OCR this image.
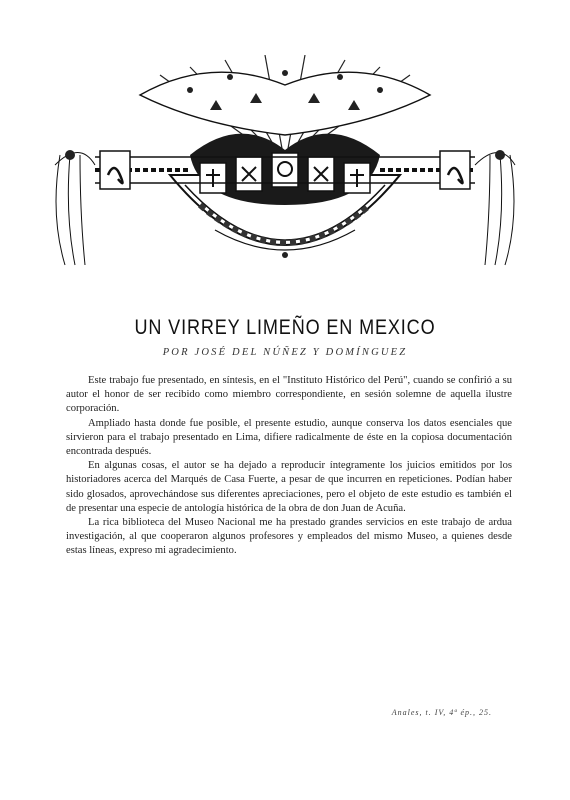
UN VIRREY LIMEÑO EN MEXICO
POR JOSÉ DEL NÚÑEZ Y DOMÍNGUEZ

Este trabajo fue presentado, en síntesis, en el "Instituto Histórico del Perú", cuando se confirió a su autor el honor de ser recibido como miembro correspondiente, en sesión solemne de aquella ilustre corporación.

Ampliado hasta donde fue posible, el presente estudio, aunque conserva los datos esenciales que sirvieron para el trabajo presentado en Lima, difiere radicalmente de éste en la copiosa documentación encontrada después.

En algunas cosas, el autor se ha dejado a reproducir íntegramente los juicios emitidos por los historiadores acerca del Marqués de Casa Fuerte, a pesar de que incurren en repeticiones. Podían haber sido glosados, aprovechándose sus diferentes apreciaciones, pero el objeto de este estudio es también el de presentar una especie de antología histórica de la obra de don Juan de Acuña.

La rica biblioteca del Museo Nacional me ha prestado grandes servicios en este trabajo de ardua investigación, al que cooperaron algunos profesores y empleados del mismo Museo, a quienes desde estas líneas, expreso mi agradecimiento.

Anales, t. IV, 4ª ép., 25.
